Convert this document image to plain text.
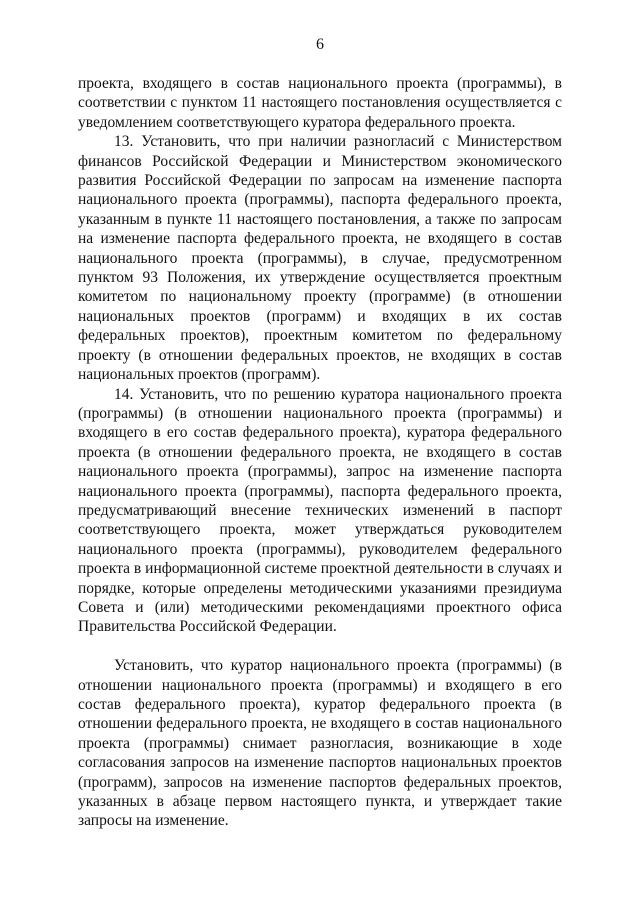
6

проекта, входящего в состав национального проекта (программы), в соответствии с пунктом 11 настоящего постановления осуществляется с уведомлением соответствующего куратора федерального проекта.

13. Установить, что при наличии разногласий с Министерством финансов Российской Федерации и Министерством экономического развития Российской Федерации по запросам на изменение паспорта национального проекта (программы), паспорта федерального проекта, указанным в пункте 11 настоящего постановления, а также по запросам на изменение паспорта федерального проекта, не входящего в состав национального проекта (программы), в случае, предусмотренном пунктом 93 Положения, их утверждение осуществляется проектным комитетом по национальному проекту (программе) (в отношении национальных проектов (программ) и входящих в их состав федеральных проектов), проектным комитетом по федеральному проекту (в отношении федеральных проектов, не входящих в состав национальных проектов (программ).

14. Установить, что по решению куратора национального проекта (программы) (в отношении национального проекта (программы) и входящего в его состав федерального проекта), куратора федерального проекта (в отношении федерального проекта, не входящего в состав национального проекта (программы), запрос на изменение паспорта национального проекта (программы), паспорта федерального проекта, предусматривающий внесение технических изменений в паспорт соответствующего проекта, может утверждаться руководителем национального проекта (программы), руководителем федерального проекта в информационной системе проектной деятельности в случаях и порядке, которые определены методическими указаниями президиума Совета и (или) методическими рекомендациями проектного офиса Правительства Российской Федерации.

Установить, что куратор национального проекта (программы) (в отношении национального проекта (программы) и входящего в его состав федерального проекта), куратор федерального проекта (в отношении федерального проекта, не входящего в состав национального проекта (программы) снимает разногласия, возникающие в ходе согласования запросов на изменение паспортов национальных проектов (программ), запросов на изменение паспортов федеральных проектов, указанных в абзаце первом настоящего пункта, и утверждает такие запросы на изменение.
